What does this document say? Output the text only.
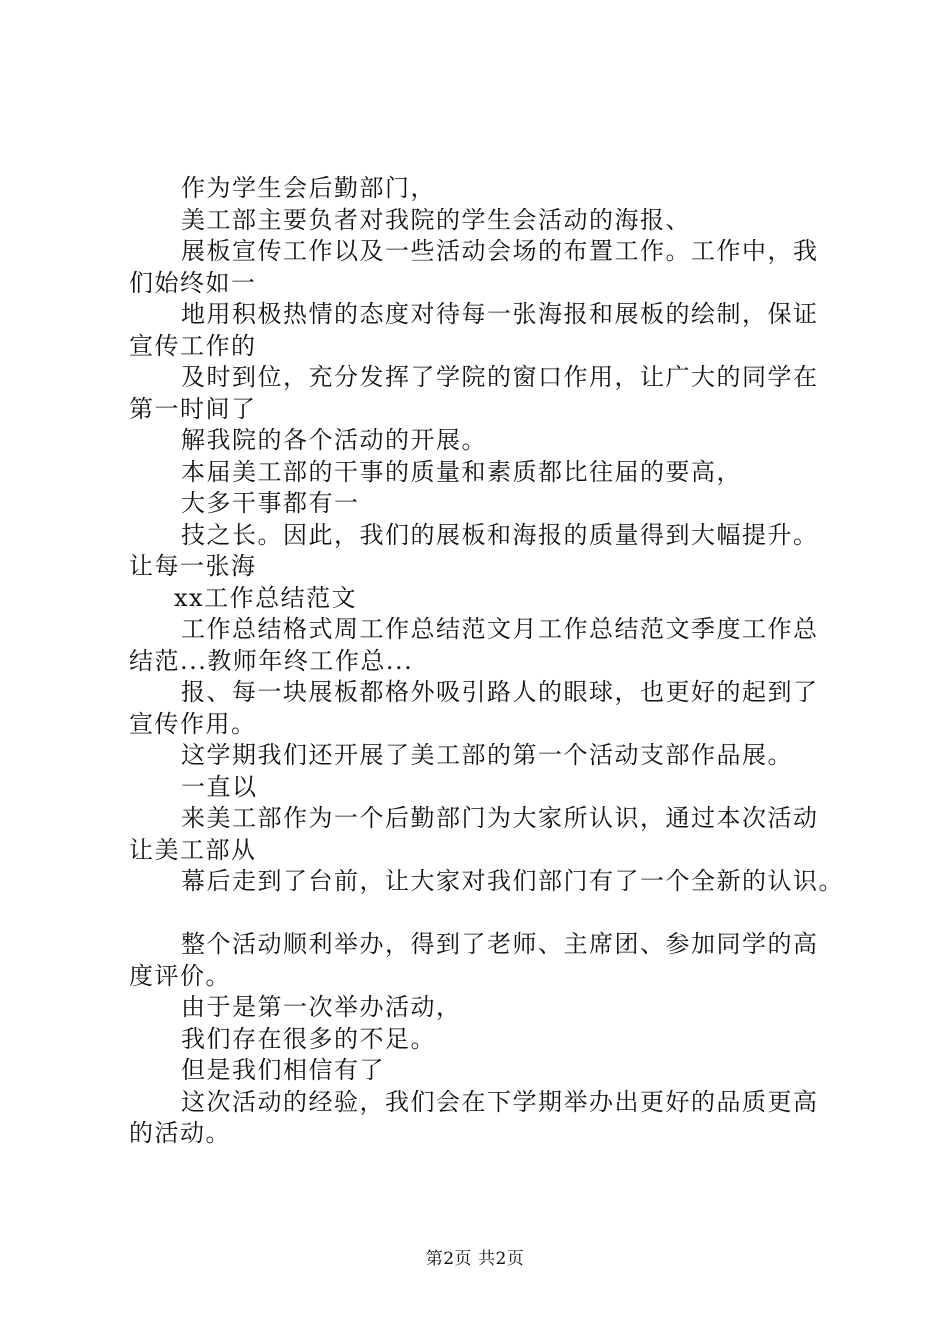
作为学生会后勤部门，
美工部主要负者对我院的学生会活动的海报、
展板宣传工作以及一些活动会场的布置工作。工作中，我
们始终如一
地用积极热情的态度对待每一张海报和展板的绘制，保证
宣传工作的
及时到位，充分发挥了学院的窗口作用，让广大的同学在
第一时间了
解我院的各个活动的开展。
本届美工部的干事的质量和素质都比往届的要高，
大多干事都有一
技之长。因此，我们的展板和海报的质量得到大幅提升。
让每一张海
xx工作总结范文
工作总结格式周工作总结范文月工作总结范文季度工作总
结范...教师年终工作总...
报、每一块展板都格外吸引路人的眼球，也更好的起到了
宣传作用。
这学期我们还开展了美工部的第一个活动支部作品展。
一直以
来美工部作为一个后勤部门为大家所认识，通过本次活动
让美工部从
幕后走到了台前，让大家对我们部门有了一个全新的认识。
整个活动顺利举办，得到了老师、主席团、参加同学的高
度评价。
由于是第一次举办活动，
我们存在很多的不足。
但是我们相信有了
这次活动的经验，我们会在下学期举办出更好的品质更高
的活动。
第2页 共2页
